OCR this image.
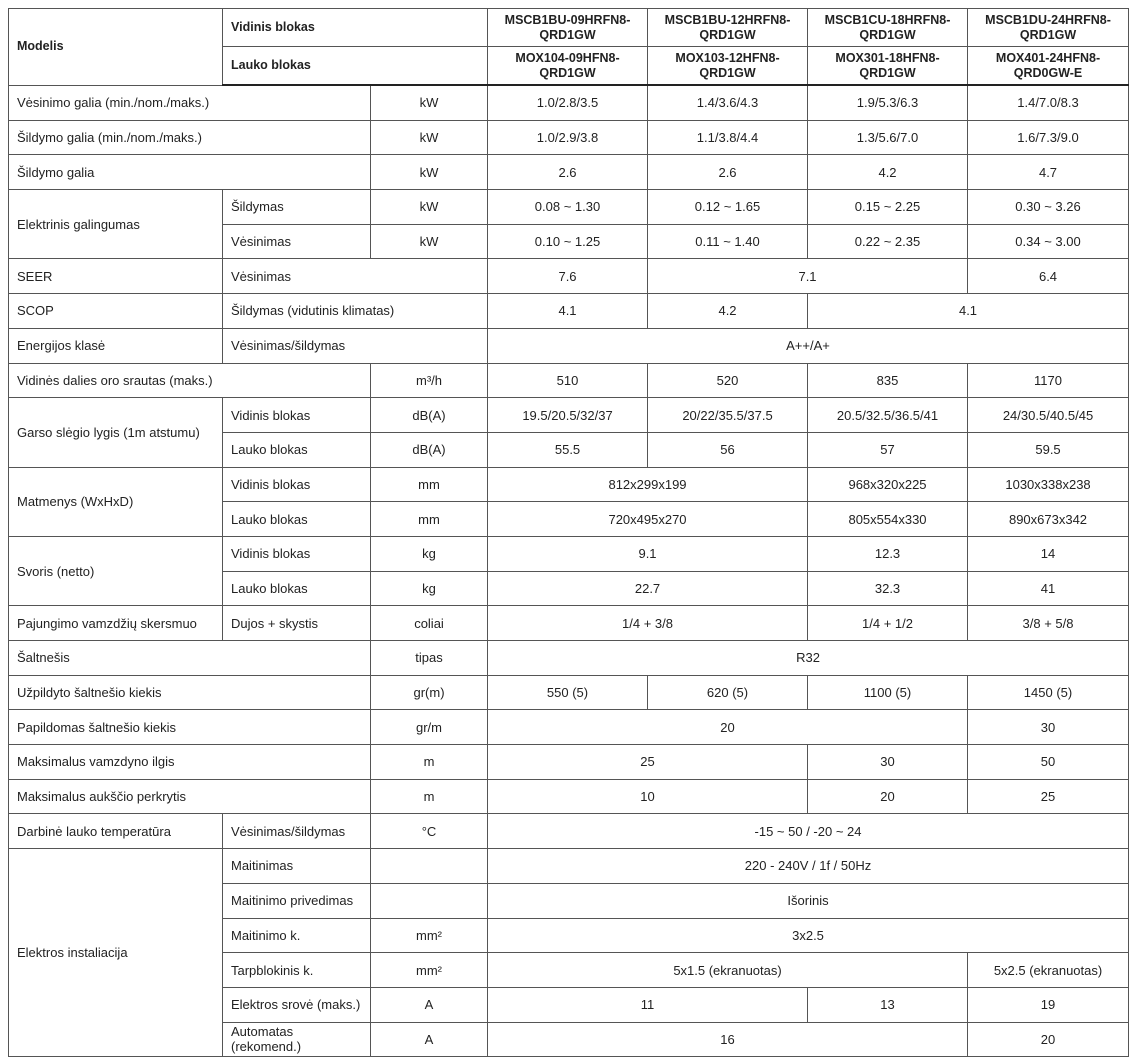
Modelis	Vidinis blokas		MSCB1BU-09HRFN8-QRD1GW	MSCB1BU-12HRFN8-QRD1GW	MSCB1CU-18HRFN8-QRD1GW	MSCB1DU-24HRFN8-QRD1GW
	Lauko blokas		MOX104-09HFN8-QRD1GW	MOX103-12HFN8-QRD1GW	MOX301-18HFN8-QRD1GW	MOX401-24HFN8-QRD0GW-E
Vėsinimo galia (min./nom./maks.)		kW	1.0/2.8/3.5	1.4/3.6/4.3	1.9/5.3/6.3	1.4/7.0/8.3
Šildymo galia (min./nom./maks.)		kW	1.0/2.9/3.8	1.1/3.8/4.4	1.3/5.6/7.0	1.6/7.3/9.0
Šildymo galia		kW	2.6	2.6	4.2	4.7
Elektrinis galingumas	Šildymas	kW	0.08 ~ 1.30	0.12 ~ 1.65	0.15 ~ 2.25	0.30 ~ 3.26
	Vėsinimas	kW	0.10 ~ 1.25	0.11 ~ 1.40	0.22 ~ 2.35	0.34 ~ 3.00
SEER	Vėsinimas		7.6	7.1		6.4
SCOP	Šildymas (vidutinis klimatas)		4.1	4.2	4.1	
Energijos klasė	Vėsinimas/šildymas		A++/A+			
Vidinės dalies oro srautas (maks.)		m³/h	510	520	835	1170
Garso slėgio lygis (1m atstumu)	Vidinis blokas	dB(A)	19.5/20.5/32/37	20/22/35.5/37.5	20.5/32.5/36.5/41	24/30.5/40.5/45
	Lauko blokas	dB(A)	55.5	56	57	59.5
Matmenys (WxHxD)	Vidinis blokas	mm	812x299x199		968x320x225	1030x338x238
	Lauko blokas	mm	720x495x270		805x554x330	890x673x342
Svoris (netto)	Vidinis blokas	kg	9.1		12.3	14
	Lauko blokas	kg	22.7		32.3	41
Pajungimo vamzdžių skersmuo	Dujos + skystis	coliai	1/4 + 3/8		1/4 + 1/2	3/8 + 5/8
Šaltnešis		tipas	R32			
Užpildyto šaltnešio kiekis		gr(m)	550 (5)	620 (5)	1100 (5)	1450 (5)
Papildomas šaltnešio kiekis		gr/m	20			30
Maksimalus vamzdyno ilgis		m	25		30	50
Maksimalus aukščio perkrytis		m	10		20	25
Darbinė lauko temperatūra	Vėsinimas/šildymas	°C	-15 ~ 50 / -20 ~ 24			
Elektros instaliacija	Maitinimas		220 - 240V / 1f / 50Hz			
	Maitinimo privedimas		Išorinis			
	Maitinimo k.	mm²	3x2.5			
	Tarpblokinis k.	mm²	5x1.5 (ekranuotas)			5x2.5 (ekranuotas)
	Elektros srovė (maks.)	A	11		13	19
	Automatas (rekomend.)	A	16			20
